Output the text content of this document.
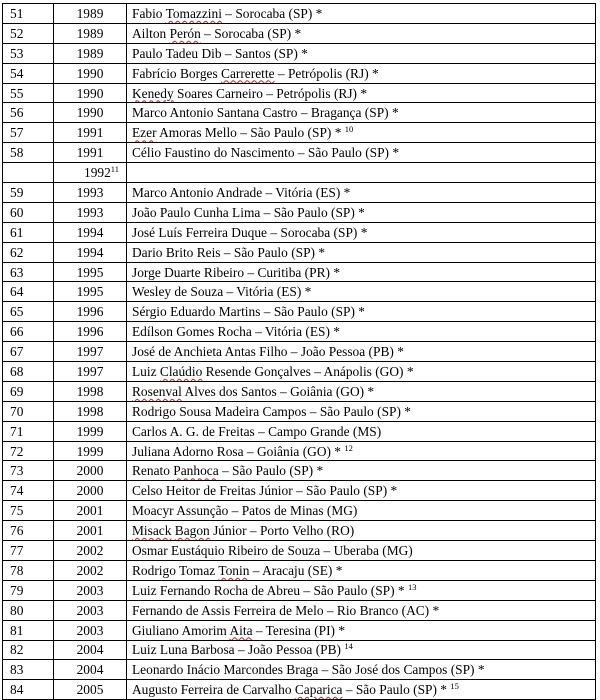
51	1989	Fabio Tomazzini – Sorocaba (SP) *
52	1989	Ailton Perón – Sorocaba (SP) *
53	1989	Paulo Tadeu Dib – Santos (SP) *
54	1990	Fabrício Borges Carrerette – Petrópolis (RJ) *
55	1990	Kenedy Soares Carneiro – Petrópolis (RJ) *
56	1990	Marco Antonio Santana Castro – Bragança (SP) *
57	1991	Ezer Amoras Mello – São Paulo (SP) * $^{10}$
58	1991	Célio Faustino do Nascimento – São Paulo (SP) *
	1992$^{11}$	
59	1993	Marco Antonio Andrade – Vitória (ES) *
60	1993	João Paulo Cunha Lima – São Paulo (SP) *
61	1994	José Luís Ferreira Duque – Sorocaba (SP) *
62	1994	Dario Brito Reis – São Paulo (SP) *
63	1995	Jorge Duarte Ribeiro – Curitiba (PR) *
64	1995	Wesley de Souza – Vitória (ES) *
65	1996	Sérgio Eduardo Martins – São Paulo (SP) *
66	1996	Edílson Gomes Rocha – Vitória (ES) *
67	1997	José de Anchieta Antas Filho – João Pessoa (PB) *
68	1997	Luiz Claúdio Resende Gonçalves – Anápolis (GO) *
69	1998	Rosenval Alves dos Santos – Goiânia (GO) *
70	1998	Rodrigo Sousa Madeira Campos – São Paulo (SP) *
71	1999	Carlos A. G. de Freitas – Campo Grande (MS)
72	1999	Juliana Adorno Rosa – Goiânia (GO) * $^{12}$
73	2000	Renato Panhoca – São Paulo (SP) *
74	2000	Celso Heitor de Freitas Júnior – São Paulo (SP) *
75	2001	Moacyr Assunção – Patos de Minas (MG)
76	2001	Misack Bagon Júnior – Porto Velho (RO)
77	2002	Osmar Eustáquio Ribeiro de Souza – Uberaba (MG)
78	2002	Rodrigo Tomaz Tonin – Aracaju (SE) *
79	2003	Luiz Fernando Rocha de Abreu – São Paulo (SP) * $^{13}$
80	2003	Fernando de Assis Ferreira de Melo – Rio Branco (AC) *
81	2003	Giuliano Amorim Aita – Teresina (PI) *
82	2004	Luiz Luna Barbosa – João Pessoa (PB) $^{14}$
83	2004	Leonardo Inácio Marcondes Braga – São José dos Campos (SP) *
84	2005	Augusto Ferreira de Carvalho Caparica – São Paulo (SP) * $^{15}$
